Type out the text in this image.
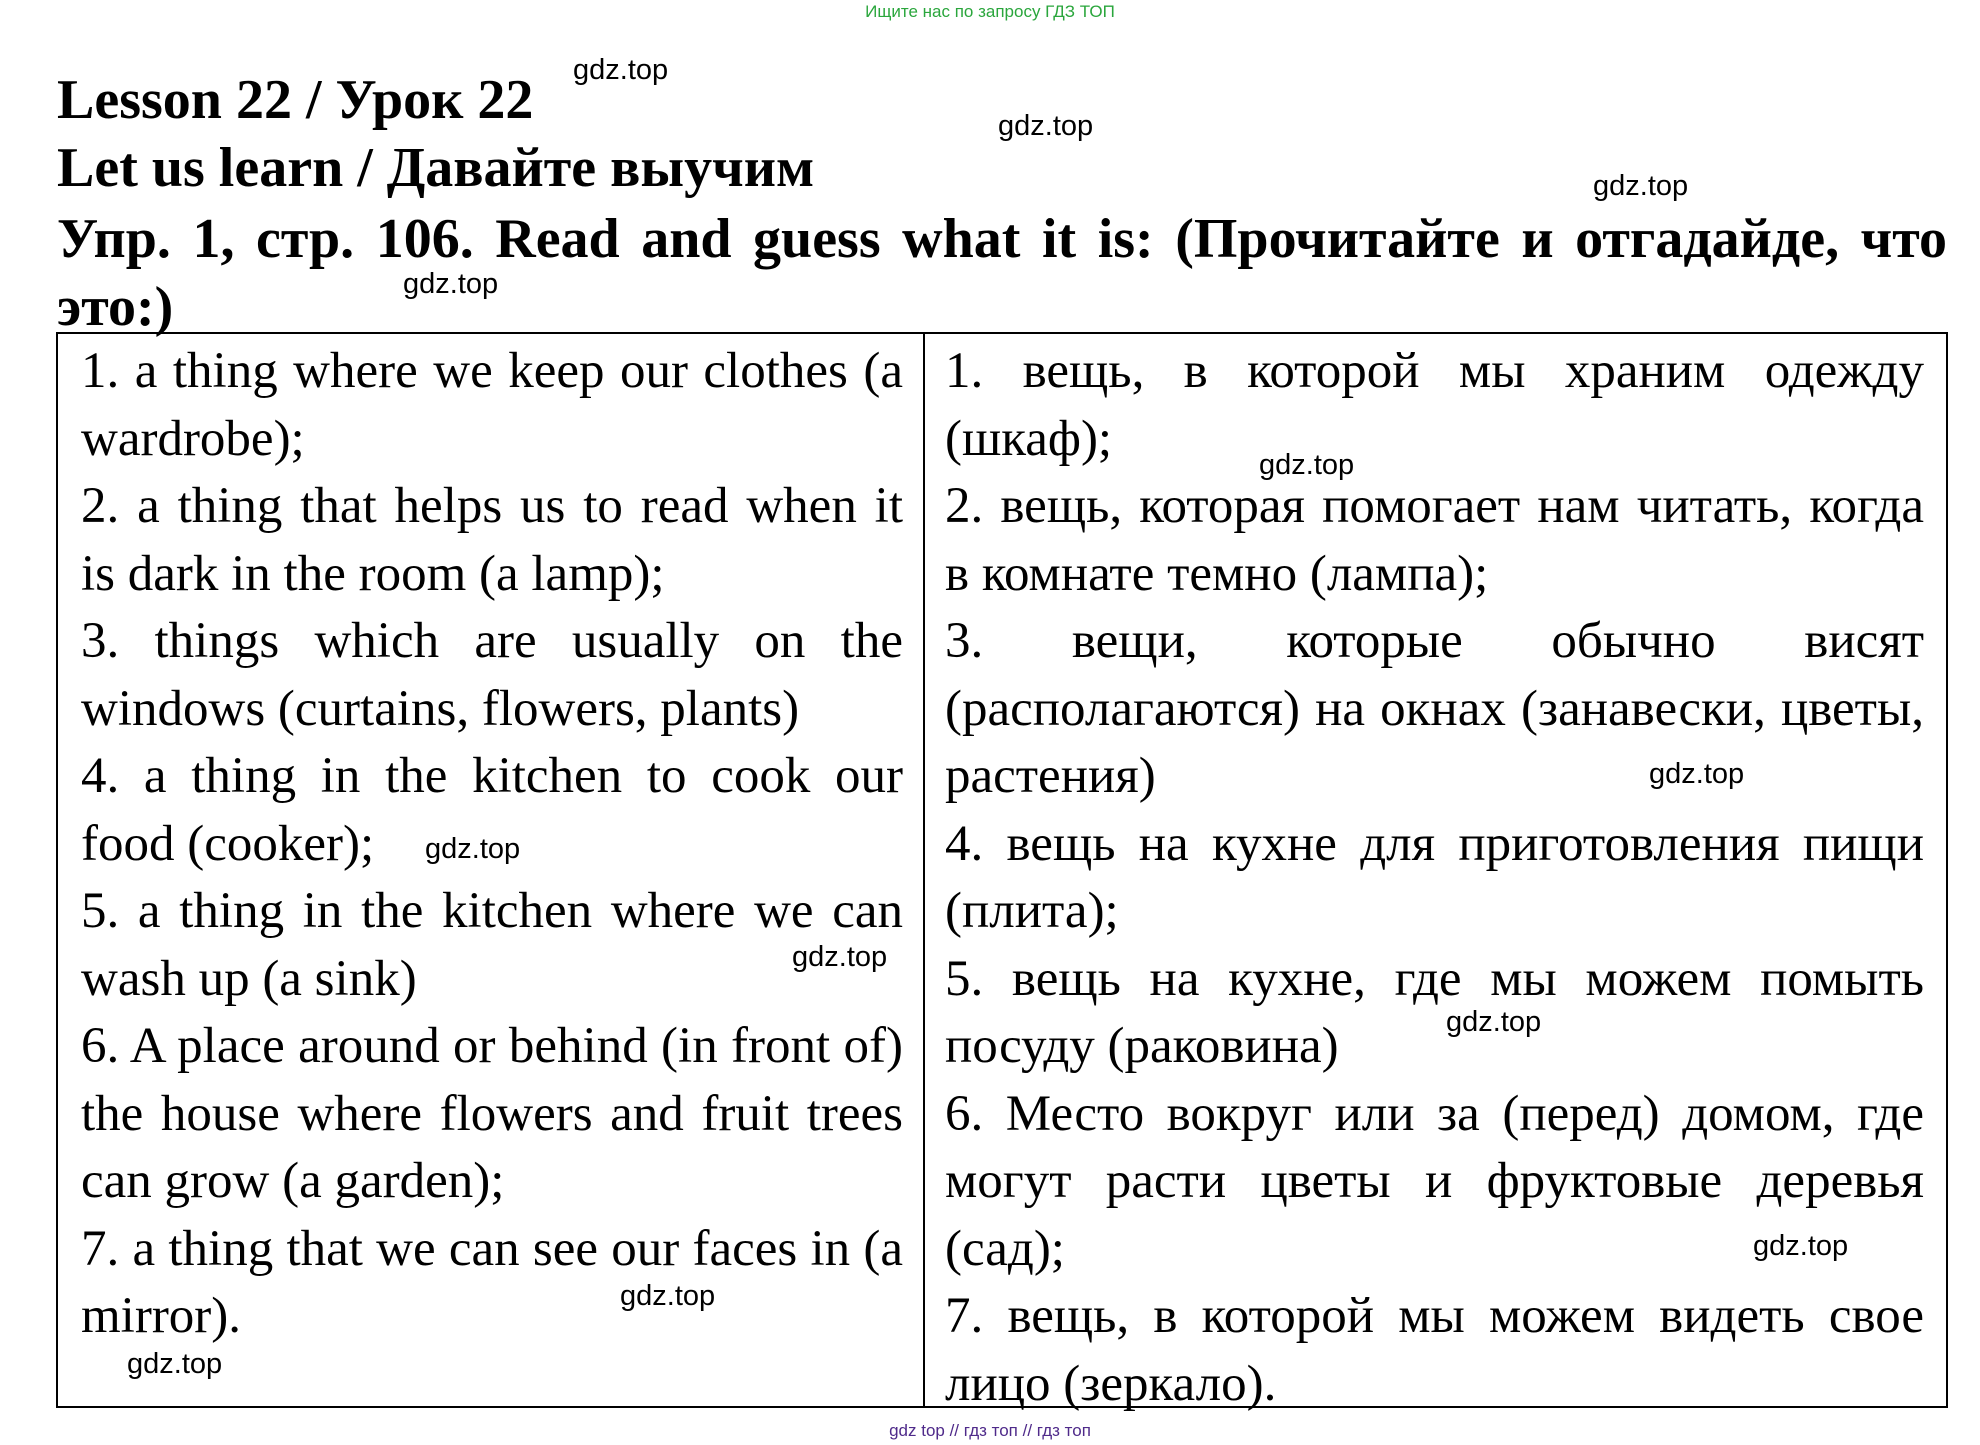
Ищите нас по запросу ГДЗ ТОП
Lesson 22 / Урок 22
Let us learn / Давайте выучим
Упр. 1, стр. 106. Read and guess what it is: (Прочитайте и отгадайде, что это:)

1. a thing where we keep our clothes (a wardrobe);

2. a thing that helps us to read when it is dark in the room (a lamp);

3. things which are usually on the windows (curtains, flowers, plants)

4. a thing in the kitchen to cook our food (cooker);

5. a thing in the kitchen where we can wash up (a sink)

6. A place around or behind (in front of) the house where flowers and fruit trees can grow (a garden);

7. a thing that we can see our faces in (a mirror).

1. вещь, в которой мы храним одежду (шкаф);

2. вещь, которая помогает нам читать, когда в комнате темно (лампа);

3. вещи, которые обычно висят (располагаются) на окнах (занавески, цветы, растения)

4. вещь на кухне для приготовления пищи (плита);

5. вещь на кухне, где мы можем помыть посуду (раковина)

6. Место вокруг или за (перед) домом, где могут расти цветы и фруктовые деревья (сад);

7. вещь, в которой мы можем видеть свое лицо (зеркало).

gdz.top
gdz.top
gdz.top
gdz.top
gdz.top
gdz.top
gdz.top
gdz.top
gdz.top
gdz.top
gdz.top
gdz.top
gdz top // гдз топ // гдз топ
